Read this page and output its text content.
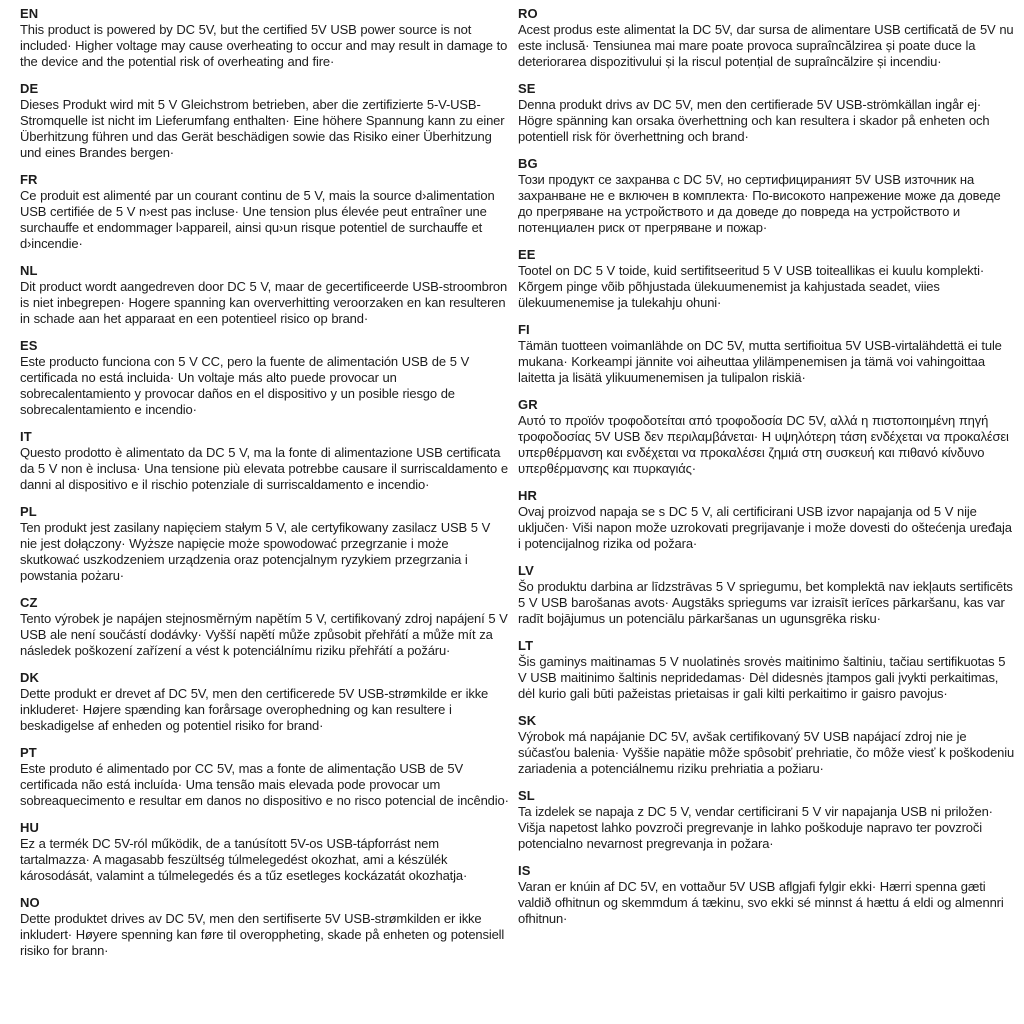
EN
This product is powered by DC 5V, but the certified 5V USB power source is not included· Higher voltage may cause overheating to occur and may result in damage to the device and the potential risk of overheating and fire·
DE
Dieses Produkt wird mit 5 V Gleichstrom betrieben, aber die zertifizierte 5-V-USB-Stromquelle ist nicht im Lieferumfang enthalten· Eine höhere Spannung kann zu einer Überhitzung führen und das Gerät beschädigen sowie das Risiko einer Überhitzung und eines Brandes bergen·
FR
Ce produit est alimenté par un courant continu de 5 V, mais la source d›alimentation USB certifiée de 5 V n›est pas incluse· Une tension plus élevée peut entraîner une surchauffe et endommager l›appareil, ainsi qu›un risque potentiel de surchauffe et d›incendie·
NL
Dit product wordt aangedreven door DC 5 V, maar de gecertificeerde USB-stroombron is niet inbegrepen· Hogere spanning kan oververhitting veroorzaken en kan resulteren in schade aan het apparaat en een potentieel risico op brand·
ES
Este producto funciona con 5 V CC, pero la fuente de alimentación USB de 5 V certificada no está incluida· Un voltaje más alto puede provocar un sobrecalentamiento y provocar daños en el dispositivo y un posible riesgo de sobrecalentamiento e incendio·
IT
Questo prodotto è alimentato da DC 5 V, ma la fonte di alimentazione USB certificata da 5 V non è inclusa· Una tensione più elevata potrebbe causare il surriscaldamento e danni al dispositivo e il rischio potenziale di surriscaldamento e incendio·
PL
Ten produkt jest zasilany napięciem stałym 5 V, ale certyfikowany zasilacz USB 5 V nie jest dołączony· Wyższe napięcie może spowodować przegrzanie i może skutkować uszkodzeniem urządzenia oraz potencjalnym ryzykiem przegrzania i powstania pożaru·
CZ
Tento výrobek je napájen stejnosměrným napětím 5 V, certifikovaný zdroj napájení 5 V USB ale není součástí dodávky· Vyšší napětí může způsobit přehřátí a může mít za následek poškození zařízení a vést k potenciálnímu riziku přehřátí a požáru·
DK
Dette produkt er drevet af DC 5V, men den certificerede 5V USB-strømkilde er ikke inkluderet· Højere spænding kan forårsage overophedning og kan resultere i beskadigelse af enheden og potentiel risiko for brand·
PT
Este produto é alimentado por CC 5V, mas a fonte de alimentação USB de 5V certificada não está incluída· Uma tensão mais elevada pode provocar um sobreaquecimento e resultar em danos no dispositivo e no risco potencial de incêndio·
HU
Ez a termék DC 5V-ról működik, de a tanúsított 5V-os USB-tápforrást nem tartalmazza· A magasabb feszültség túlmelegedést okozhat, ami a készülék károsodását, valamint a túlmelegedés és a tűz esetleges kockázatát okozhatja·
NO
Dette produktet drives av DC 5V, men den sertifiserte 5V USB-strømkilden er ikke inkludert· Høyere spenning kan føre til overoppheting, skade på enheten og potensiell risiko for brann·
RO
Acest produs este alimentat la DC 5V, dar sursa de alimentare USB certificată de 5V nu este inclusă· Tensiunea mai mare poate provoca supraîncălzirea și poate duce la deteriorarea dispozitivului și la riscul potențial de supraîncălzire și incendiu·
SE
Denna produkt drivs av DC 5V, men den certifierade 5V USB-strömkällan ingår ej· Högre spänning kan orsaka överhettning och kan resultera i skador på enheten och potentiell risk för överhettning och brand·
BG
Този продукт се захранва с DC 5V, но сертифицираният 5V USB източник на захранване не е включен в комплекта· По-високото напрежение може да доведе до прегряване на устройството и да доведе до повреда на устройството и потенциален риск от прегряване и пожар·
EE
Tootel on DC 5 V toide, kuid sertifitseeritud 5 V USB toiteallikas ei kuulu komplekti· Kõrgem pinge võib põhjustada ülekuumenemist ja kahjustada seadet, viies ülekuumenemise ja tulekahju ohuni·
FI
Tämän tuotteen voimanlähde on DC 5V, mutta sertifioitua 5V USB-virtalähdettä ei tule mukana· Korkeampi jännite voi aiheuttaa ylilämpenemisen ja tämä voi vahingoittaa laitetta ja lisätä ylikuumenemisen ja tulipalon riskiä·
GR
Αυτό το προϊόν τροφοδοτείται από τροφοδοσία DC 5V, αλλά η πιστοποιημένη πηγή τροφοδοσίας 5V USB δεν περιλαμβάνεται· Η υψηλότερη τάση ενδέχεται να προκαλέσει υπερθέρμανση και ενδέχεται να προκαλέσει ζημιά στη συσκευή και πιθανό κίνδυνο υπερθέρμανσης και πυρκαγιάς·
HR
Ovaj proizvod napaja se s DC 5 V, ali certificirani USB izvor napajanja od 5 V nije uključen· Viši napon može uzrokovati pregrijavanje i može dovesti do oštećenja uređaja i potencijalnog rizika od požara·
LV
Šo produktu darbina ar līdzstrāvas 5 V spriegumu, bet komplektā nav iekļauts sertificēts 5 V USB barošanas avots· Augstāks spriegums var izraisīt ierīces pārkaršanu, kas var radīt bojājumus un potenciālu pārkaršanas un ugunsgrēka risku·
LT
Šis gaminys maitinamas 5 V nuolatinės srovės maitinimo šaltiniu, tačiau sertifikuotas 5 V USB maitinimo šaltinis nepridedamas· Dėl didesnės įtampos gali įvykti perkaitimas, dėl kurio gali būti pažeistas prietaisas ir gali kilti perkaitimo ir gaisro pavojus·
SK
Výrobok má napájanie DC 5V, avšak certifikovaný 5V USB napájací zdroj nie je súčasťou balenia· Vyššie napätie môže spôsobiť prehriatie, čo môže viesť k poškodeniu zariadenia a potenciálnemu riziku prehriatia a požiaru·
SL
Ta izdelek se napaja z DC 5 V, vendar certificirani 5 V vir napajanja USB ni priložen· Višja napetost lahko povzroči pregrevanje in lahko poškoduje napravo ter povzroči potencialno nevarnost pregrevanja in požara·
IS
Varan er knúin af DC 5V, en vottaður 5V USB aflgjafi fylgir ekki· Hærri spenna gæti valdið ofhitnun og skemmdum á tækinu, svo ekki sé minnst á hættu á eldi og almennri ofhitnun·
